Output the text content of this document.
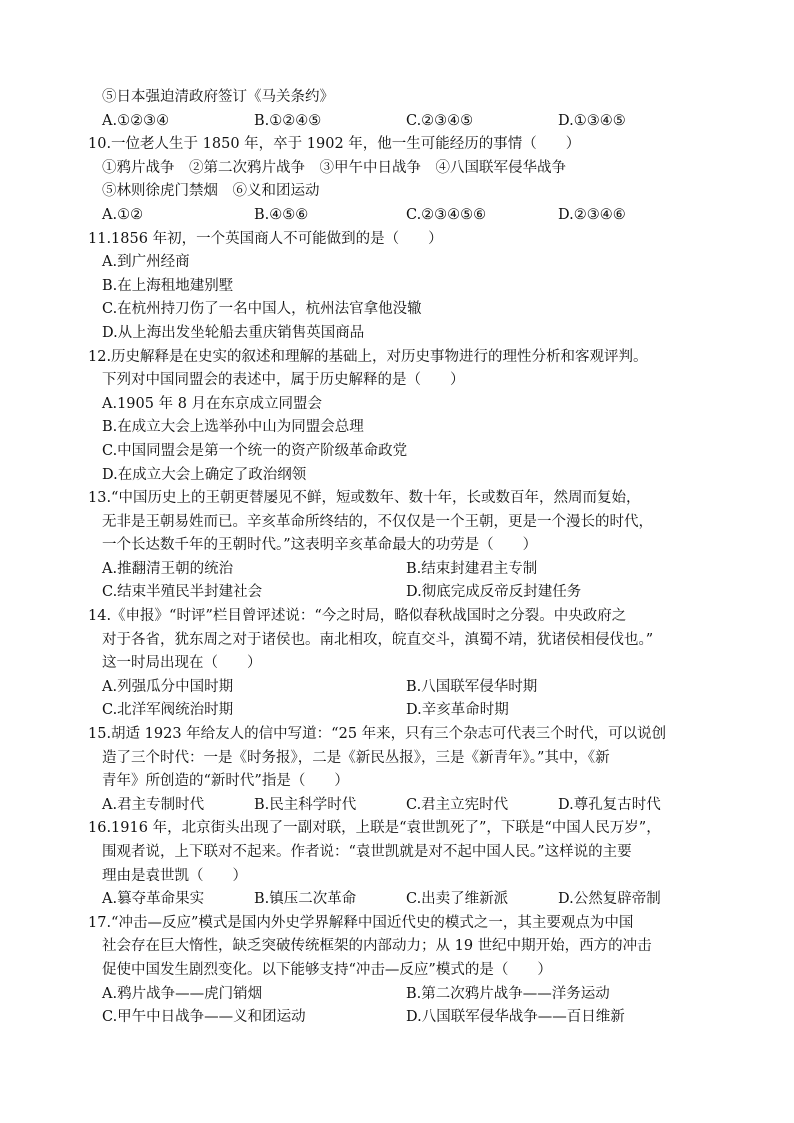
⑤日本强迫清政府签订《马关条约》
A.①②③④	B.①②④⑤	C.②③④⑤	D.①③④⑤
10.一位老人生于 1850 年，卒于 1902 年，他一生可能经历的事情（　　）
①鸦片战争　②第二次鸦片战争　③甲午中日战争　④八国联军侵华战争
⑤林则徐虎门禁烟　⑥义和团运动
A.①②	B.④⑤⑥	C.②③④⑤⑥	D.②③④⑥
11.1856 年初，一个英国商人不可能做到的是（　　）
A.到广州经商
B.在上海租地建别墅
C.在杭州持刀伤了一名中国人，杭州法官拿他没辙
D.从上海出发坐轮船去重庆销售英国商品
12.历史解释是在史实的叙述和理解的基础上，对历史事物进行的理性分析和客观评判。
下列对中国同盟会的表述中，属于历史解释的是（　　）
A.1905 年 8 月在东京成立同盟会
B.在成立大会上选举孙中山为同盟会总理
C.中国同盟会是第一个统一的资产阶级革命政党
D.在成立大会上确定了政治纲领
13.“中国历史上的王朝更替屡见不鲜，短或数年、数十年，长或数百年，然周而复始，
无非是王朝易姓而已。辛亥革命所终结的，不仅仅是一个王朝，更是一个漫长的时代，
一个长达数千年的王朝时代。”这表明辛亥革命最大的功劳是（　　）
A.推翻清王朝的统治	B.结束封建君主专制
C.结束半殖民半封建社会	D.彻底完成反帝反封建任务
14.《申报》“时评”栏目曾评述说：“今之时局，略似春秋战国时之分裂。中央政府之
对于各省，犹东周之对于诸侯也。南北相攻，皖直交斗，滇蜀不靖，犹诸侯相侵伐也。”
这一时局出现在（　　）
A.列强瓜分中国时期	B.八国联军侵华时期
C.北洋军阀统治时期	D.辛亥革命时期
15.胡适 1923 年给友人的信中写道：“25 年来，只有三个杂志可代表三个时代，可以说创
造了三个时代：一是《时务报》，二是《新民丛报》，三是《新青年》。”其中，《新
青年》所创造的“新时代”指是（　　）
A.君主专制时代	B.民主科学时代	C.君主立宪时代	D.尊孔复古时代
16.1916 年，北京街头出现了一副对联，上联是“袁世凯死了”，下联是“中国人民万岁”，
围观者说，上下联对不起来。作者说：“袁世凯就是对不起中国人民。”这样说的主要
理由是袁世凯（　　）
A.篡夺革命果实	B.镇压二次革命	C.出卖了维新派	D.公然复辟帝制
17.“冲击—反应”模式是国内外史学界解释中国近代史的模式之一，其主要观点为中国
社会存在巨大惰性，缺乏突破传统框架的内部动力；从 19 世纪中期开始，西方的冲击
促使中国发生剧烈变化。以下能够支持“冲击—反应”模式的是（　　）
A.鸦片战争——虎门销烟	B.第二次鸦片战争——洋务运动
C.甲午中日战争——义和团运动	D.八国联军侵华战争——百日维新
